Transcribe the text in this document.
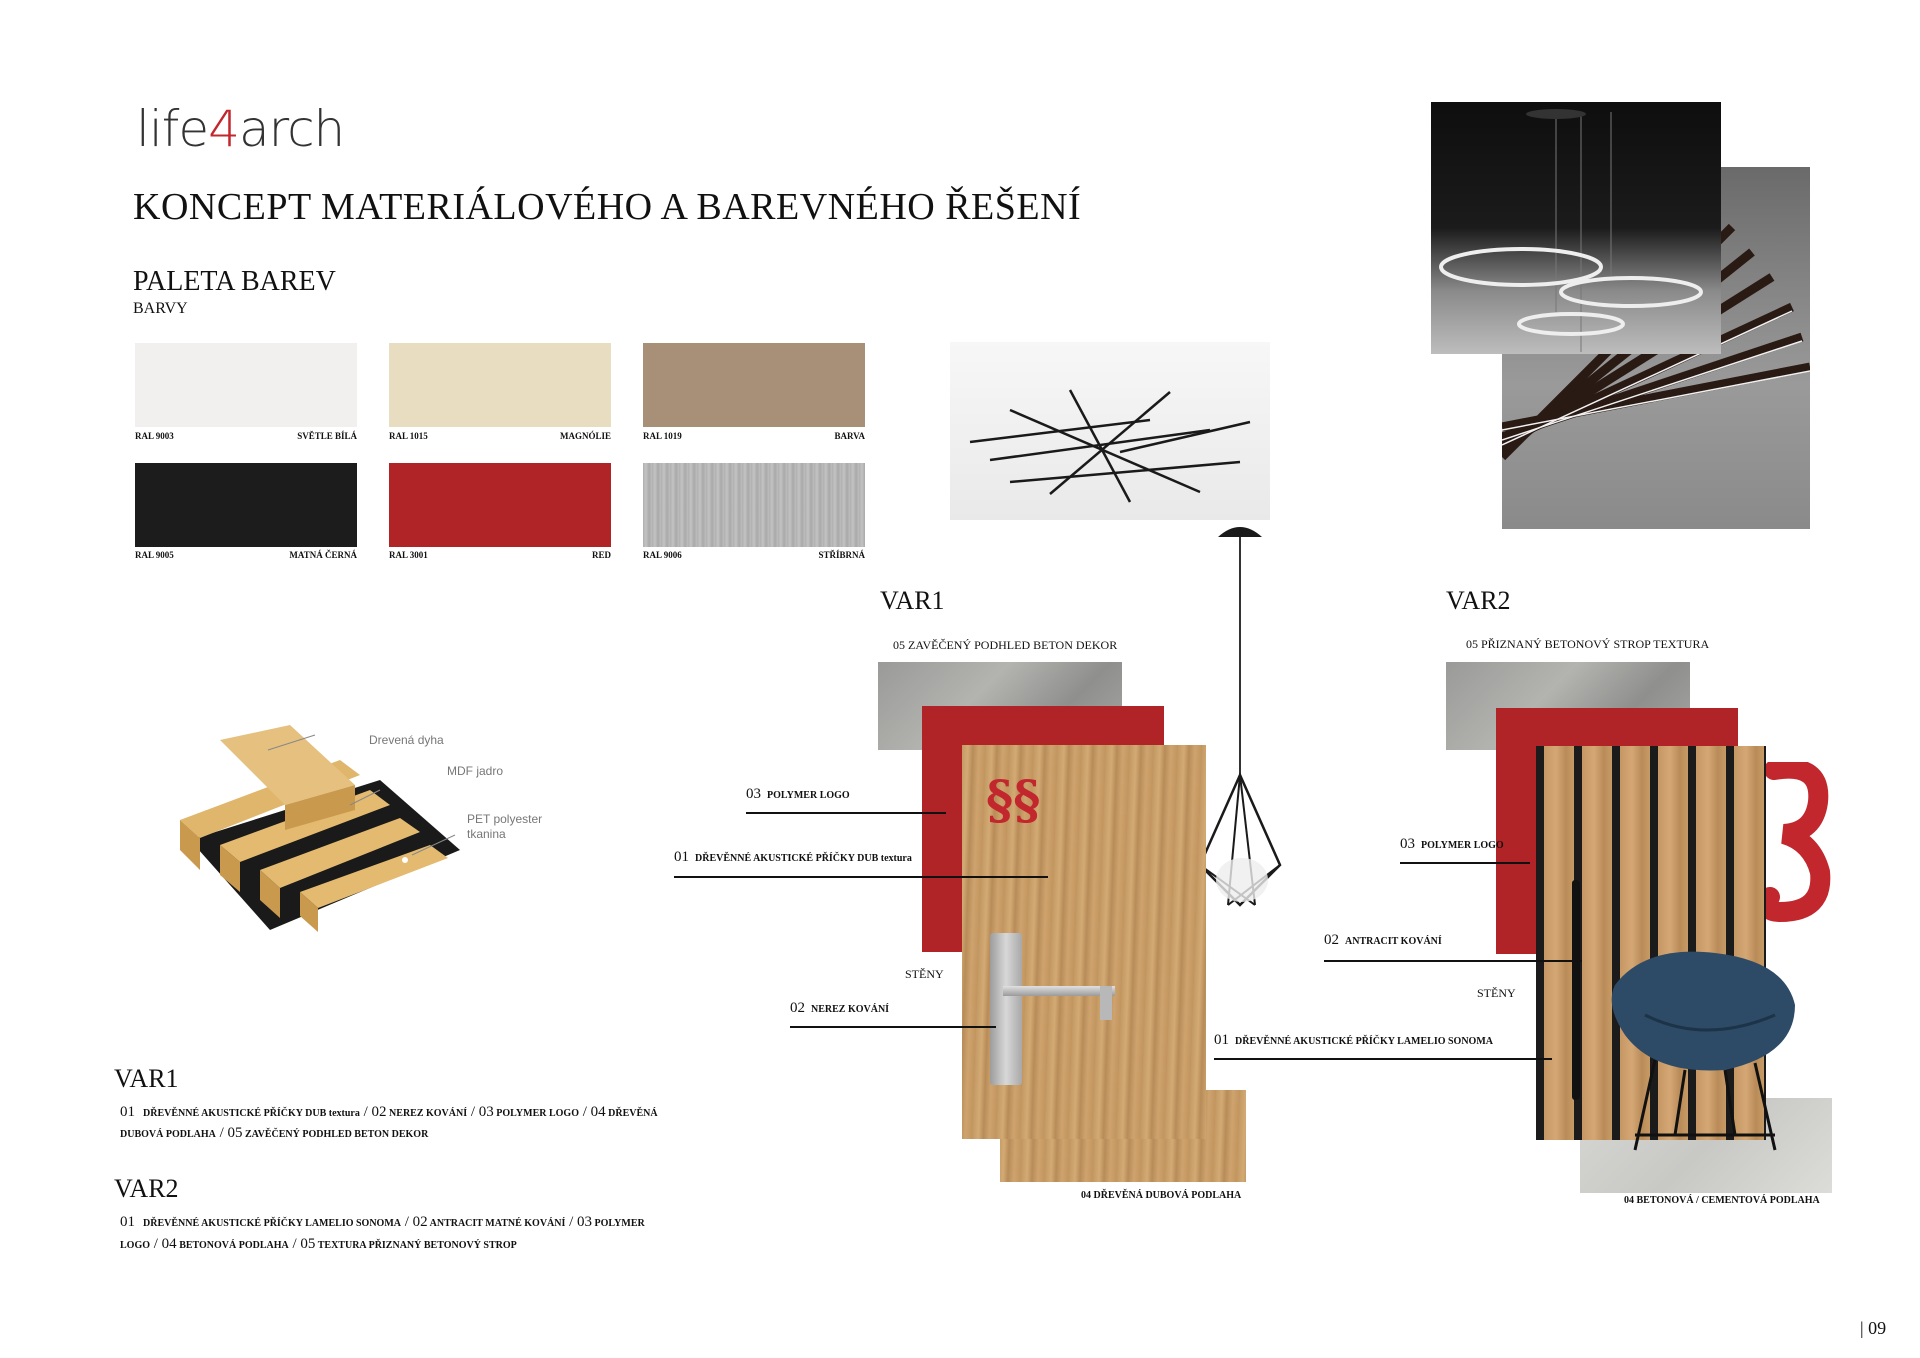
life4arch
KONCEPT MATERIÁLOVÉHO A BAREVNÉHO ŘEŠENÍ
PALETA BAREV
BARVY
RAL 9003	SVĚTLE BÍLÁ	RAL 1015	MAGNÓLIE	RAL 1019	BARVA
RAL 9005	MATNÁ ČERNÁ	RAL 3001	RED	RAL 9006	STŘÍBRNÁ
Drevená dyha
MDF jadro
PET polyester
tkanina
VAR1
05 ZAVĚČENÝ PODHLED BETON DEKOR
§§
STĚNY
04 DŘEVĚNÁ DUBOVÁ PODLAHA
03 POLYMER LOGO
01 DŘEVĚNNÉ AKUSTICKÉ PŘÍČKY DUB textura
02 NEREZ KOVÁNÍ
VAR2
05 PŘIZNANÝ BETONOVÝ STROP TEXTURA
STĚNY
04 BETONOVÁ / CEMENTOVÁ PODLAHA
03 POLYMER LOGO
02 ANTRACIT KOVÁNÍ
01 DŘEVĚNNÉ AKUSTICKÉ PŘÍČKY LAMELIO SONOMA
VAR1
01 DŘEVĚNNÉ AKUSTICKÉ PŘÍČKY DUB textura / 02 NEREZ KOVÁNÍ / 03 POLYMER LOGO / 04 DŘEVĚNÁ
DUBOVÁ PODLAHA / 05 ZAVĚČENÝ PODHLED BETON DEKOR
VAR2
01 DŘEVĚNNÉ AKUSTICKÉ PŘÍČKY LAMELIO SONOMA / 02 ANTRACIT MATNÉ KOVÁNÍ / 03 POLYMER
LOGO / 04 BETONOVÁ PODLAHA / 05 TEXTURA PŘIZNANÝ BETONOVÝ STROP
| 09
